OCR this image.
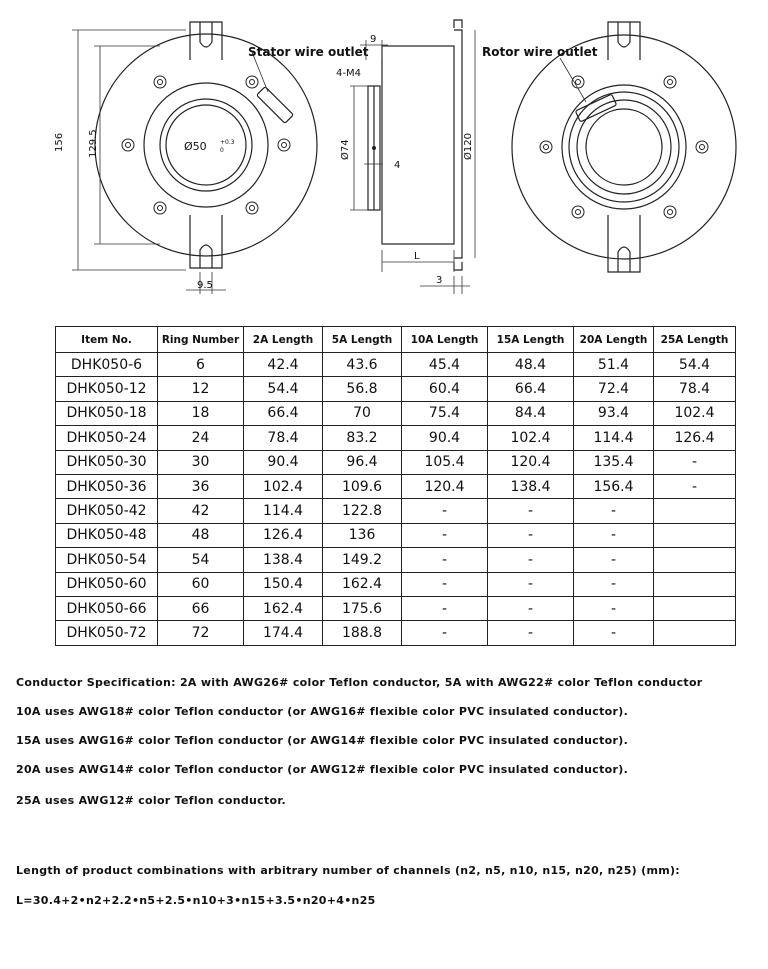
Stator wire outlet
Ø50 +0.3
0
156 129.5
9.5
Ø74	Ø120
9
4-M4
4
L
3
Rotor wire outlet
Item No.	Ring Number	2A Length	5A Length	10A Length	15A Length	20A Length	25A Length
DHK050-6	6	42.4	43.6	45.4	48.4	51.4	54.4
DHK050-12	12	54.4	56.8	60.4	66.4	72.4	78.4
DHK050-18	18	66.4	70	75.4	84.4	93.4	102.4
DHK050-24	24	78.4	83.2	90.4	102.4	114.4	126.4
DHK050-30	30	90.4	96.4	105.4	120.4	135.4	-
DHK050-36	36	102.4	109.6	120.4	138.4	156.4	-
DHK050-42	42	114.4	122.8	-	-	-	
DHK050-48	48	126.4	136	-	-	-	
DHK050-54	54	138.4	149.2	-	-	-	
DHK050-60	60	150.4	162.4	-	-	-	
DHK050-66	66	162.4	175.6	-	-	-	
DHK050-72	72	174.4	188.8	-	-	-	
Conductor Specification: 2A with AWG26# color Teflon conductor, 5A with AWG22# color Teflon conductor
10A uses AWG18# color Teflon conductor (or AWG16# flexible color PVC insulated conductor).
15A uses AWG16# color Teflon conductor (or AWG14# flexible color PVC insulated conductor).
20A uses AWG14# color Teflon conductor (or AWG12# flexible color PVC insulated conductor).
25A uses AWG12# color Teflon conductor.
Length of product combinations with arbitrary number of channels (n2, n5, n10, n15, n20, n25) (mm):
L=30.4+2•n2+2.2•n5+2.5•n10+3•n15+3.5•n20+4•n25
